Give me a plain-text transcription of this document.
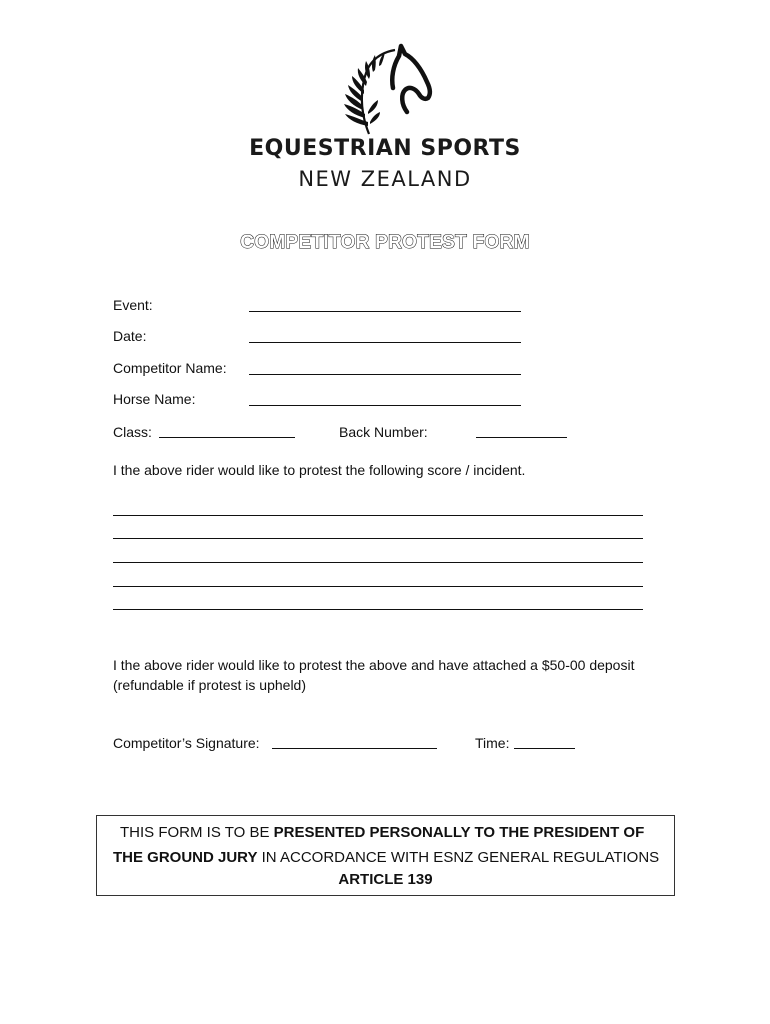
EQUESTRIAN SPORTS
NEW ZEALAND
COMPETITOR PROTEST FORM
Event:
Date:
Competitor Name:
Horse Name:
Class:	Back Number:
I the above rider would like to protest the following score / incident.
I the above rider would like to protest the above and have attached a $50-00 deposit
(refundable if protest is upheld)
Competitor’s Signature:	Time:
THIS FORM IS TO BE PRESENTED PERSONALLY TO THE PRESIDENT OF
THE GROUND JURY IN ACCORDANCE WITH ESNZ GENERAL REGULATIONS
ARTICLE 139
